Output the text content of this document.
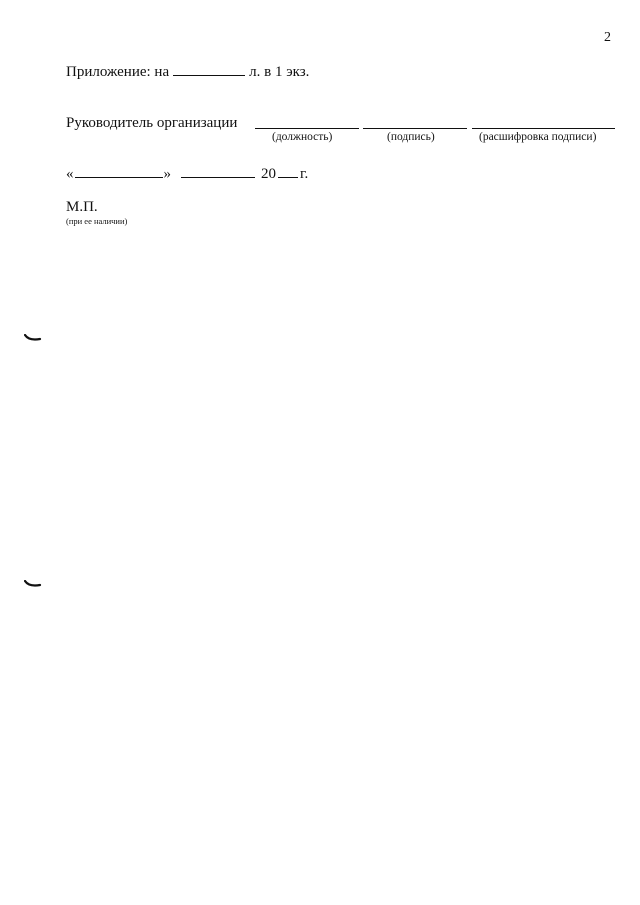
2
Приложение: на	л. в 1 экз.
Руководитель организации
(должность)	(подпись)	(расшифровка подписи)
«	»	20 г.
М.П.
(при ее наличии)
